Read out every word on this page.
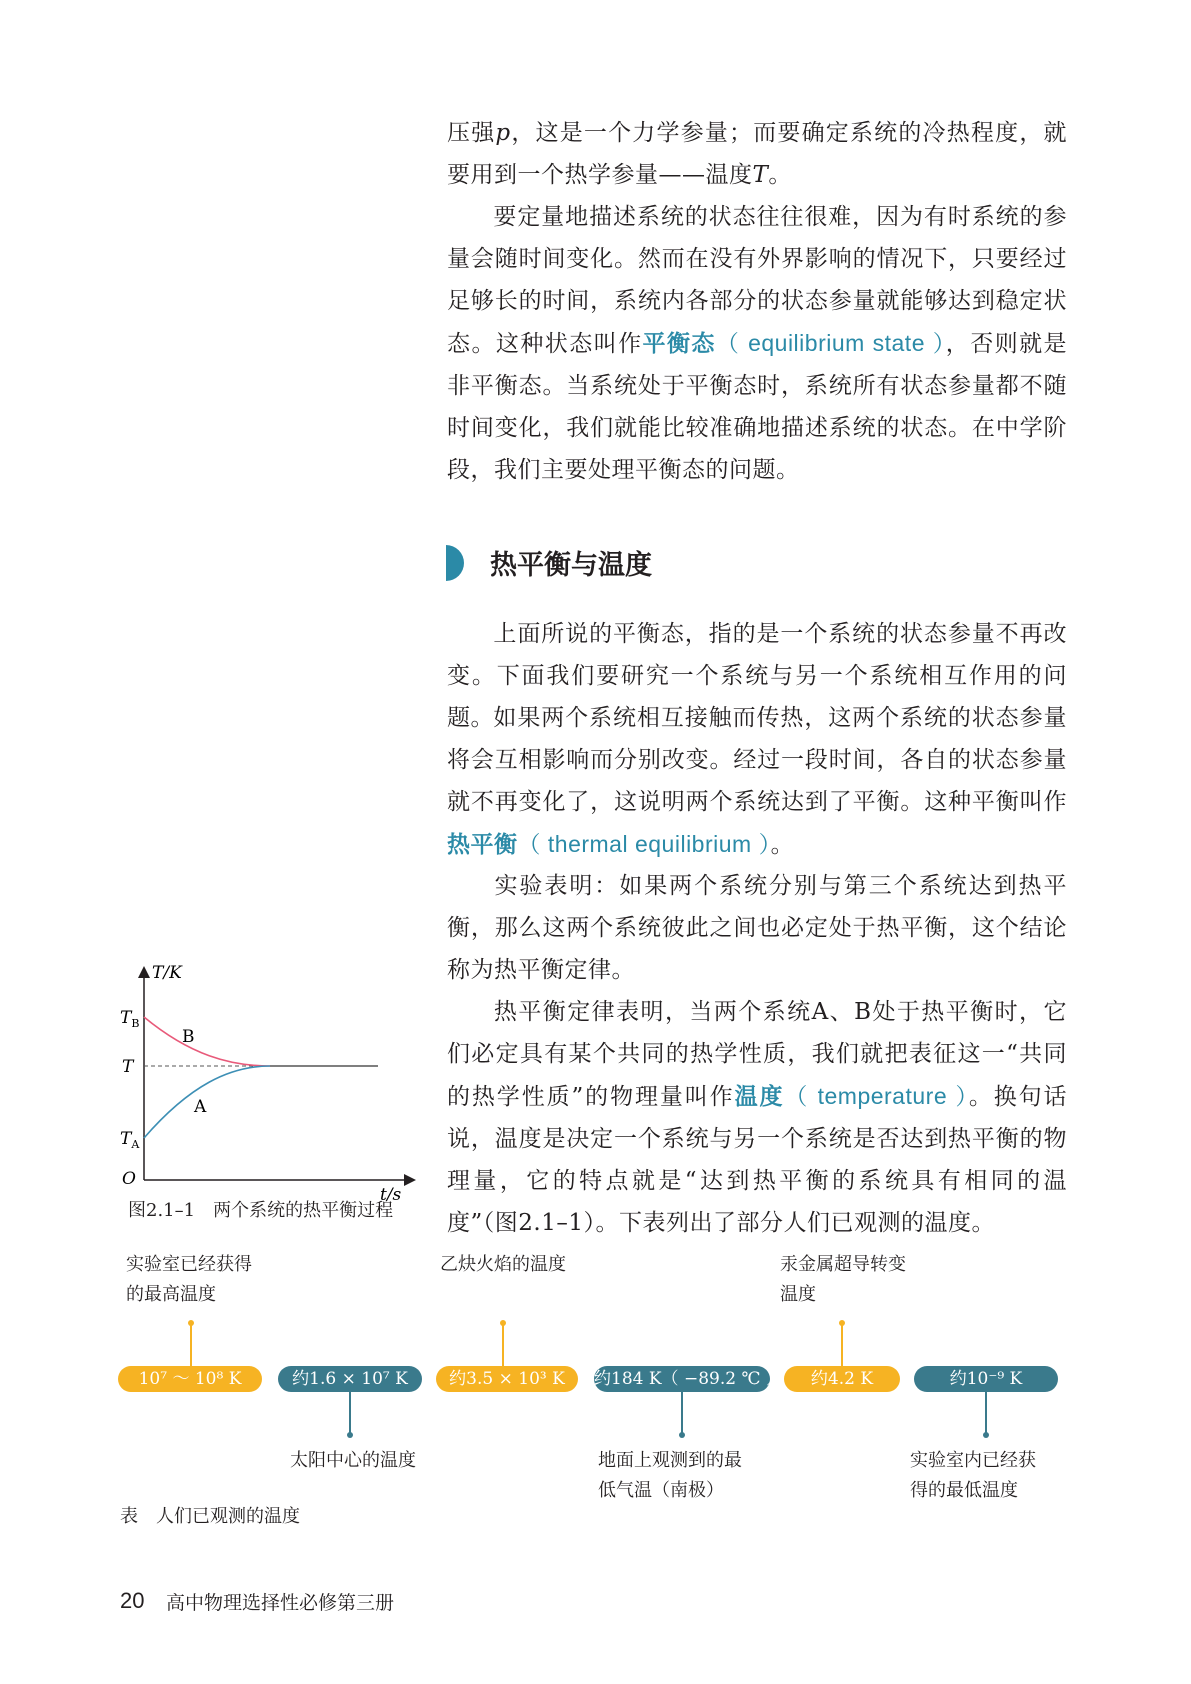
压强p，这是一个力学参量；而要确定系统的冷热程度，就要用到一个热学参量——温度T。

要定量地描述系统的状态往往很难，因为有时系统的参量会随时间变化。然而在没有外界影响的情况下，只要经过足够长的时间，系统内各部分的状态参量就能够达到稳定状态。这种状态叫作平衡态（ equilibrium state ），否则就是非平衡态。当系统处于平衡态时，系统所有状态参量都不随时间变化，我们就能比较准确地描述系统的状态。在中学阶段，我们主要处理平衡态的问题。

热平衡与温度

上面所说的平衡态，指的是一个系统的状态参量不再改变。下面我们要研究一个系统与另一个系统相互作用的问题。 如果两个系统相互接触而传热，这两个系统的状态参量将会互相影响而分别改变。经过一段时间，各自的状态参量就不再变化了，这说明两个系统达到了平衡。这种平衡叫作热平衡（ thermal equilibrium ）。

实验表明：如果两个系统分别与第三个系统达到热平衡，那么这两个系统彼此之间也必定处于热平衡，这个结论称为热平衡定律。

热平衡定律表明，当两个系统A、B处于热平衡时，它们必定具有某个共同的热学性质，我们就把表征这一“共同的热学性质”的物理量叫作温度（ temperature ）。换句话说，温度是决定一个系统与另一个系统是否达到热平衡的物理量，它的特点就是“达到热平衡的系统具有相同的温度”（图2.1–1）。下表列出了部分人们已观测的温度。

T/K
t/s
O
$T_B$
T
$T_A$
B
A
图2.1–1　两个系统的热平衡过程
实验室已经获得
的最高温度
乙炔火焰的温度	汞金属超导转变
温度
10⁷ ～ 10⁸ K	约1.6 × 10⁷ K	约3.5 × 10³ K	约184 K（ −89.2 ℃ ）	约4.2 K	约10⁻⁹ K
太阳中心的温度	地面上观测到的最
低气温（南极）
实验室内已经获
得的最低温度
表　人们已观测的温度
20 高中物理选择性必修第三册
